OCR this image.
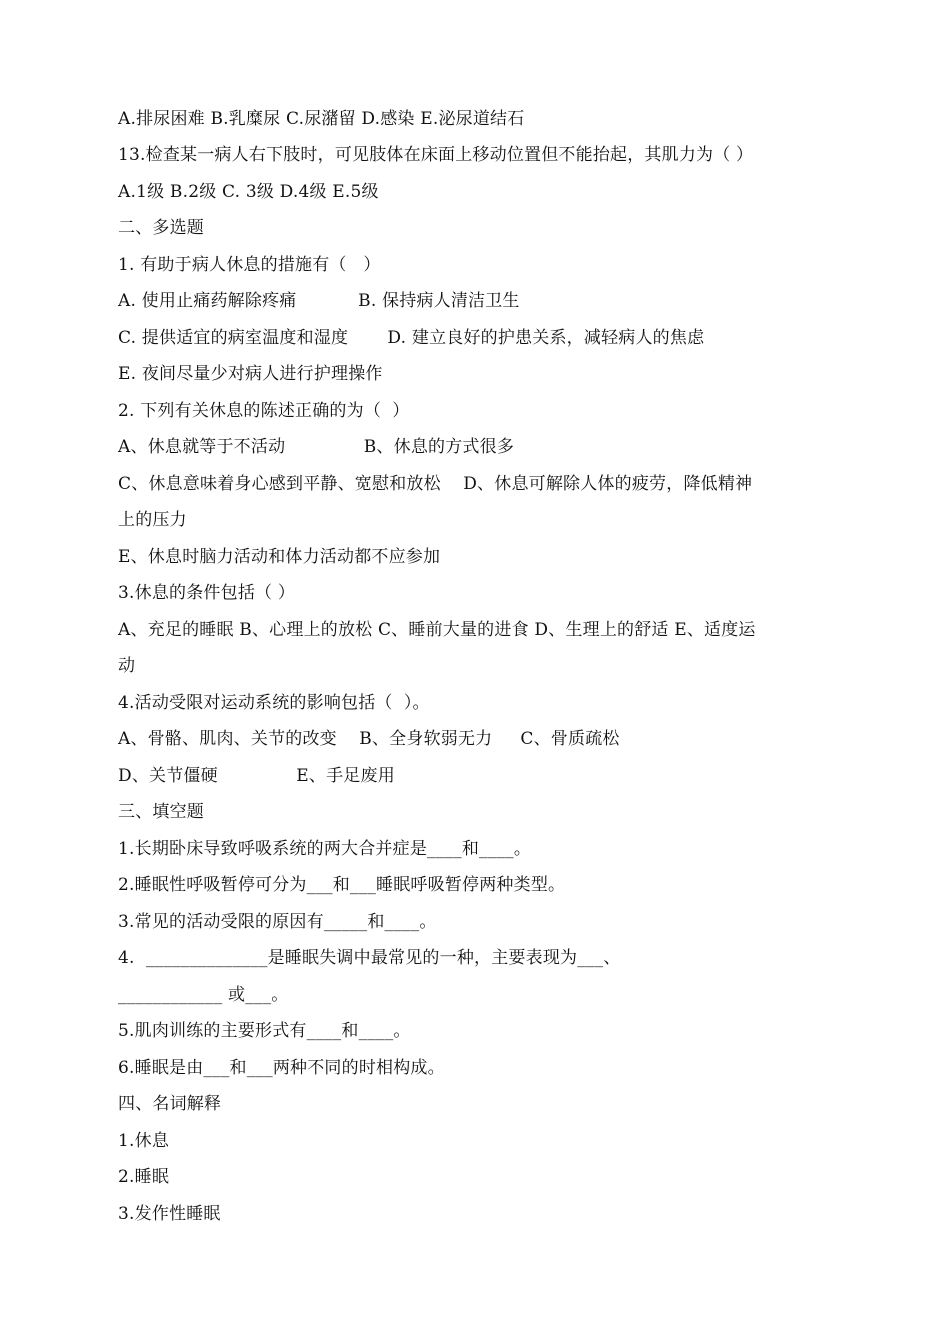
A.排尿困难 B.乳糜尿 C.尿潴留 D.感染 E.泌尿道结石
13.检查某一病人右下肢时，可见肢体在床面上移动位置但不能抬起，其肌力为（ ）
A.1级 B.2级 C. 3级 D.4级 E.5级
二、多选题
1. 有助于病人休息的措施有（   ）
A. 使用止痛药解除疼痛           B. 保持病人清洁卫生
C. 提供适宜的病室温度和湿度       D. 建立良好的护患关系，减轻病人的焦虑
E. 夜间尽量少对病人进行护理操作
2. 下列有关休息的陈述正确的为（  ）
A、休息就等于不活动              B、休息的方式很多
C、休息意味着身心感到平静、宽慰和放松    D、休息可解除人体的疲劳，降低精神
上的压力
E、休息时脑力活动和体力活动都不应参加
3.休息的条件包括（ ）
A、充足的睡眠 B、心理上的放松 C、睡前大量的进食 D、生理上的舒适 E、适度运
动
4.活动受限对运动系统的影响包括（  ）。
A、骨骼、肌肉、关节的改变    B、全身软弱无力     C、骨质疏松
D、关节僵硬              E、手足废用
三、填空题
1.长期卧床导致呼吸系统的两大合并症是____和____。
2.睡眠性呼吸暂停可分为___和___睡眠呼吸暂停两种类型。
3.常见的活动受限的原因有_____和____。
4.  ______________是睡眠失调中最常见的一种，主要表现为___、
____________ 或___。
5.肌肉训练的主要形式有____和____。
6.睡眠是由___和___两种不同的时相构成。
四、名词解释
1.休息
2.睡眠
3.发作性睡眠
